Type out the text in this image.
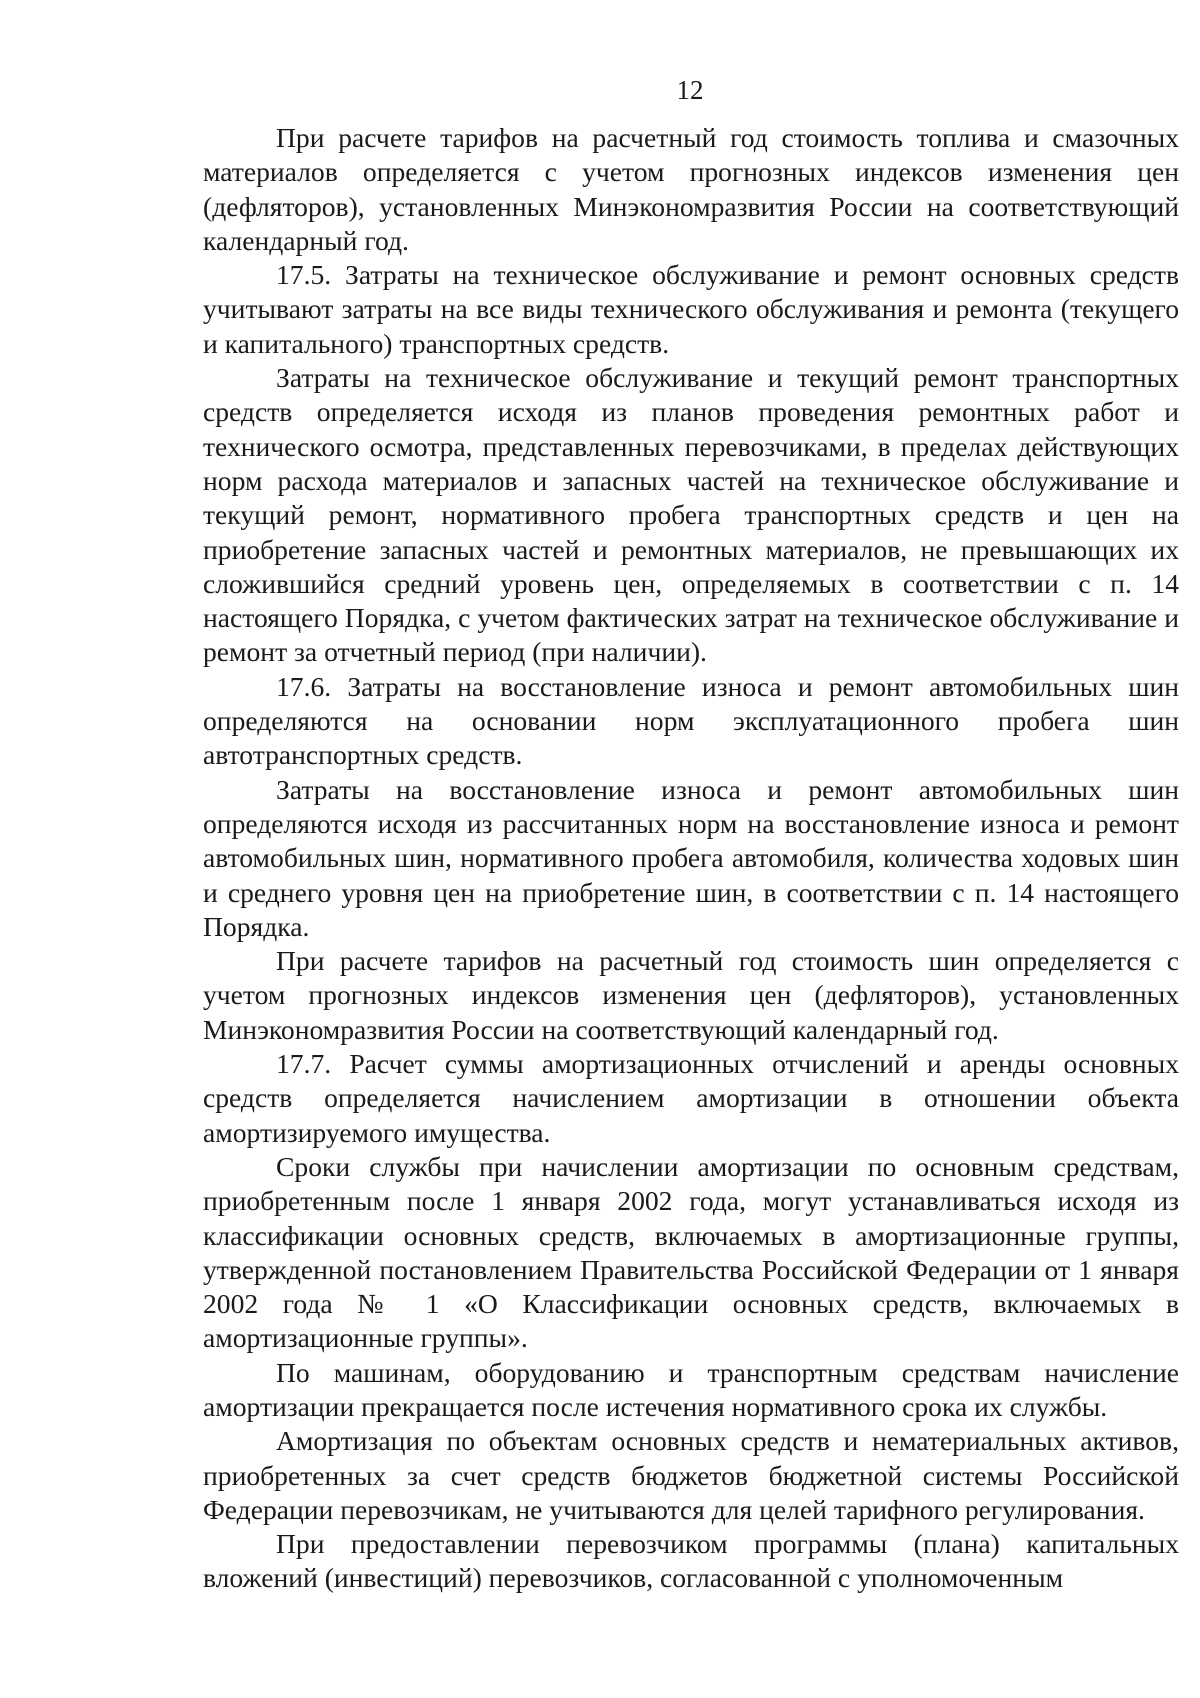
12

При расчете тарифов на расчетный год стоимость топлива и смазочных материалов определяется с учетом прогнозных индексов изменения цен (дефляторов), установленных Минэкономразвития России на соответствующий календарный год.

17.5. Затраты на техническое обслуживание и ремонт основных средств учитывают затраты на все виды технического обслуживания и ремонта (текущего и капитального) транспортных средств.

Затраты на техническое обслуживание и текущий ремонт транспортных средств определяется исходя из планов проведения ремонтных работ и технического осмотра, представленных перевозчиками, в пределах действующих норм расхода материалов и запасных частей на техническое обслуживание и текущий ремонт, нормативного пробега транспортных средств и цен на приобретение запасных частей и ремонтных материалов, не превышающих их сложившийся средний уровень цен, определяемых в соответствии с п. 14 настоящего Порядка, с учетом фактических затрат на техническое обслуживание и ремонт за отчетный период (при наличии).

17.6. Затраты на восстановление износа и ремонт автомобильных шин определяются на основании норм эксплуатационного пробега шин автотранспортных средств.

Затраты на восстановление износа и ремонт автомобильных шин определяются исходя из рассчитанных норм на восстановление износа и ремонт автомобильных шин, нормативного пробега автомобиля, количества ходовых шин и среднего уровня цен на приобретение шин, в соответствии с п. 14 настоящего Порядка.

При расчете тарифов на расчетный год стоимость шин определяется с учетом прогнозных индексов изменения цен (дефляторов), установленных Минэкономразвития России на соответствующий календарный год.

17.7. Расчет суммы амортизационных отчислений и аренды основных средств определяется начислением амортизации в отношении объекта амортизируемого имущества.

Сроки службы при начислении амортизации по основным средствам, приобретенным после 1 января 2002 года, могут устанавливаться исходя из классификации основных средств, включаемых в амортизационные группы, утвержденной постановлением Правительства Российской Федерации от 1 января 2002 года № 1 «О Классификации основных средств, включаемых в амортизационные группы».

По машинам, оборудованию и транспортным средствам начисление амортизации прекращается после истечения нормативного срока их службы.

Амортизация по объектам основных средств и нематериальных активов, приобретенных за счет средств бюджетов бюджетной системы Российской Федерации перевозчикам, не учитываются для целей тарифного регулирования.

При предоставлении перевозчиком программы (плана) капитальных вложений (инвестиций) перевозчиков, согласованной с уполномоченным
